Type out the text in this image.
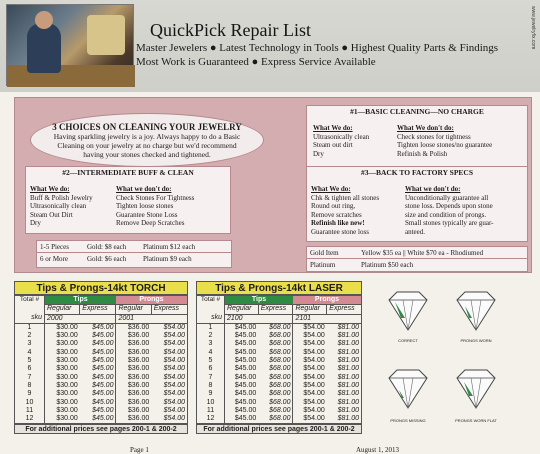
QuickPick Repair List
Master Jewelers ● Latest Technology in Tools ● Highest Quality Parts & Findings
Most Work is Guaranteed ● Express Service Available
www.jewelryfix.com
3 CHOICES ON CLEANING YOUR JEWELRY

Having sparkling jewelry is a joy. Always happy to do a Basic Cleaning on your jewelry at no charge but we'd recommend having your stones checked and tightened.

#1—BASIC CLEANING—NO CHARGE
What We do:
Ultrasonically clean
Steam out dirt
Dry
What We don't do:
Check stones for tightness
Tighten loose stones/no guarantee
Refinish & Polish
#2—INTERMEDIATE BUFF & CLEAN
What We do:
Buff & Polish Jewelry
Ultrasonically clean
Steam Out Dirt
Dry
What we don't do:
Check Stones For Tightness
Tighten loose stones
Guarantee Stone Loss
Remove Deep Scratches
1-5 Pieces	Gold: $8 each	Platinum $12 each
6 or More	Gold: $6 each	Platinum $9 each
#3—BACK TO FACTORY SPECS
What We do:
Chk & tighten all stones
Round out ring,
Remove scratches
Refinish like new!
Guarantee stone loss
What we don't do:
Unconditionally guarantee all
stone loss. Depends upon stone
size and condition of prongs.
Small stones typically are guar-
anteed.
Gold Item	Yellow $35 ea || White $70 ea - Rhodiumed
Platinum	Platinum $50 each
Tips & Prongs-14kt TORCH
Total #	Tips		Prongs	
	Regular	Express	Regular	Express
sku	2000		2001	
1	$30.00	$45.00	$36.00	$54.00
2	$30.00	$45.00	$36.00	$54.00
3	$30.00	$45.00	$36.00	$54.00
4	$30.00	$45.00	$36.00	$54.00
5	$30.00	$45.00	$36.00	$54.00
6	$30.00	$45.00	$36.00	$54.00
7	$30.00	$45.00	$36.00	$54.00
8	$30.00	$45.00	$36.00	$54.00
9	$30.00	$45.00	$36.00	$54.00
10	$30.00	$45.00	$36.00	$54.00
11	$30.00	$45.00	$36.00	$54.00
12	$30.00	$45.00	$36.00	$54.00
For additional prices see pages 200-1 & 200-2
Tips & Prongs-14kt LASER
Total #	Tips		Prongs	
	Regular	Express	Regular	Express
sku	2100		2101	
1	$45.00	$68.00	$54.00	$81.00
2	$45.00	$68.00	$54.00	$81.00
3	$45.00	$68.00	$54.00	$81.00
4	$45.00	$68.00	$54.00	$81.00
5	$45.00	$68.00	$54.00	$81.00
6	$45.00	$68.00	$54.00	$81.00
7	$45.00	$68.00	$54.00	$81.00
8	$45.00	$68.00	$54.00	$81.00
9	$45.00	$68.00	$54.00	$81.00
10	$45.00	$68.00	$54.00	$81.00
11	$45.00	$68.00	$54.00	$81.00
12	$45.00	$68.00	$54.00	$81.00
For additional prices see pages 200-1 & 200-2
CORRECT	PRONGS WORN
PRONGS MISSING	PRONGS WORN FLAT
Page 1	August 1, 2013
